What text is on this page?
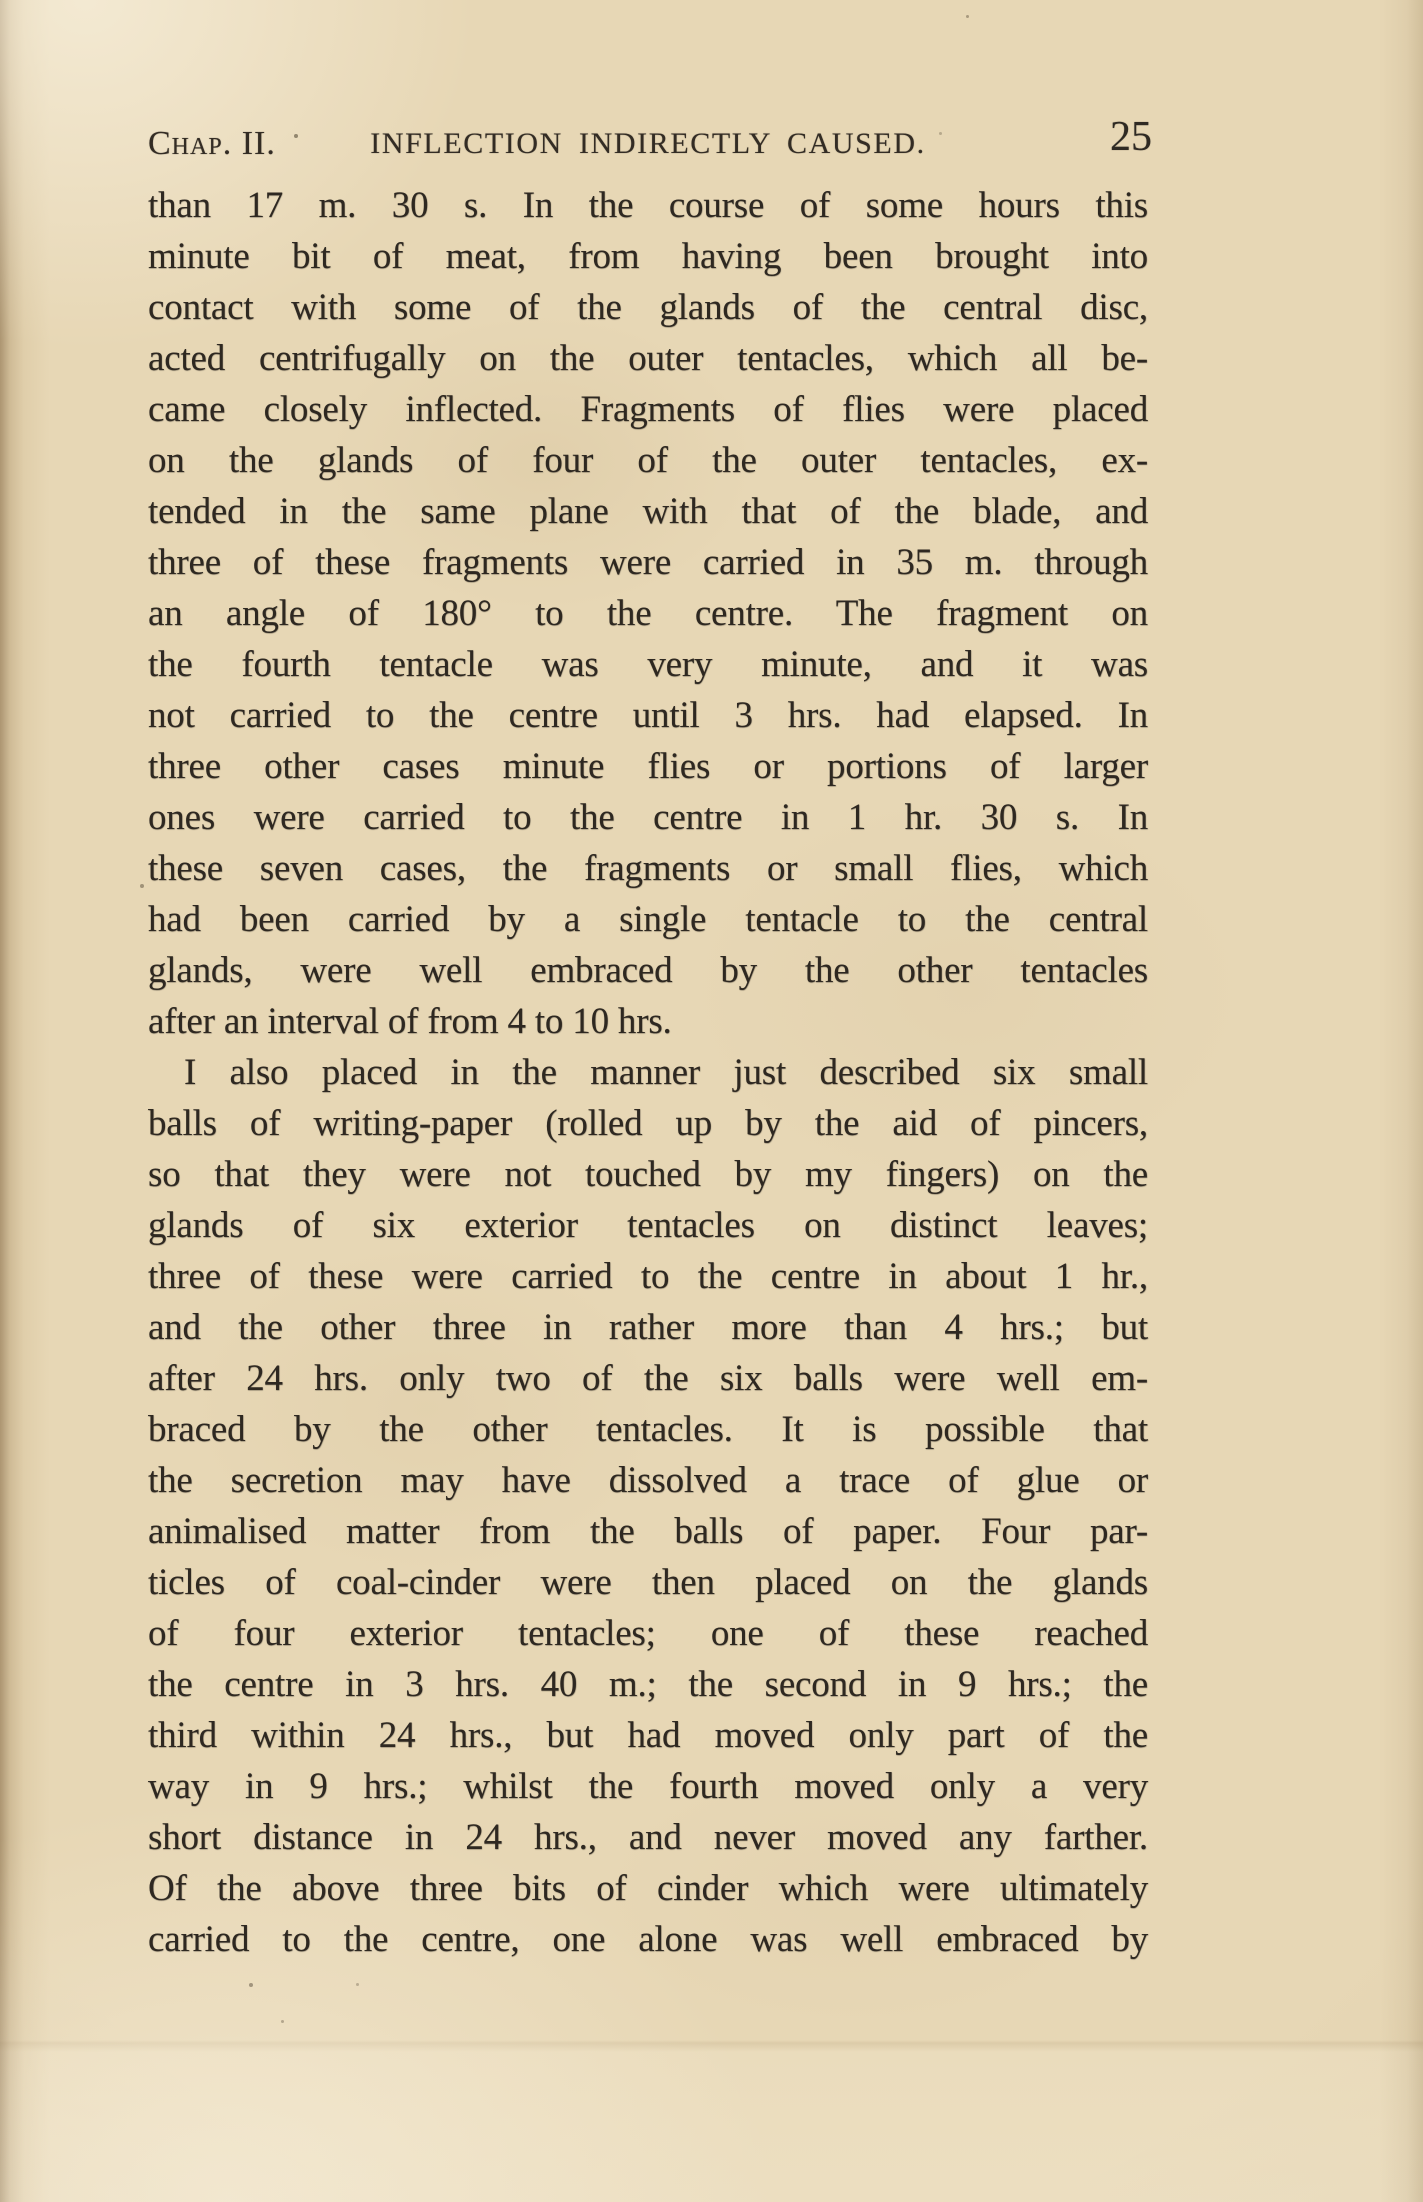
Chap. II.	INFLECTION INDIRECTLY CAUSED.	25
than 17 m. 30 s. In the course of some hours this
minute bit of meat, from having been brought into
contact with some of the glands of the central disc,
acted centrifugally on the outer tentacles, which all be-
came closely inflected. Fragments of flies were placed
on the glands of four of the outer tentacles, ex-
tended in the same plane with that of the blade, and
three of these fragments were carried in 35 m. through
an angle of 180° to the centre. The fragment on
the fourth tentacle was very minute, and it was
not carried to the centre until 3 hrs. had elapsed. In
three other cases minute flies or portions of larger
ones were carried to the centre in 1 hr. 30 s. In
these seven cases, the fragments or small flies, which
had been carried by a single tentacle to the central
glands, were well embraced by the other tentacles
after an interval of from 4 to 10 hrs.
I also placed in the manner just described six small
balls of writing-paper (rolled up by the aid of pincers,
so that they were not touched by my fingers) on the
glands of six exterior tentacles on distinct leaves;
three of these were carried to the centre in about 1 hr.,
and the other three in rather more than 4 hrs.; but
after 24 hrs. only two of the six balls were well em-
braced by the other tentacles. It is possible that
the secretion may have dissolved a trace of glue or
animalised matter from the balls of paper. Four par-
ticles of coal-cinder were then placed on the glands
of four exterior tentacles; one of these reached
the centre in 3 hrs. 40 m.; the second in 9 hrs.; the
third within 24 hrs., but had moved only part of the
way in 9 hrs.; whilst the fourth moved only a very
short distance in 24 hrs., and never moved any farther.
Of the above three bits of cinder which were ultimately
carried to the centre, one alone was well embraced by
